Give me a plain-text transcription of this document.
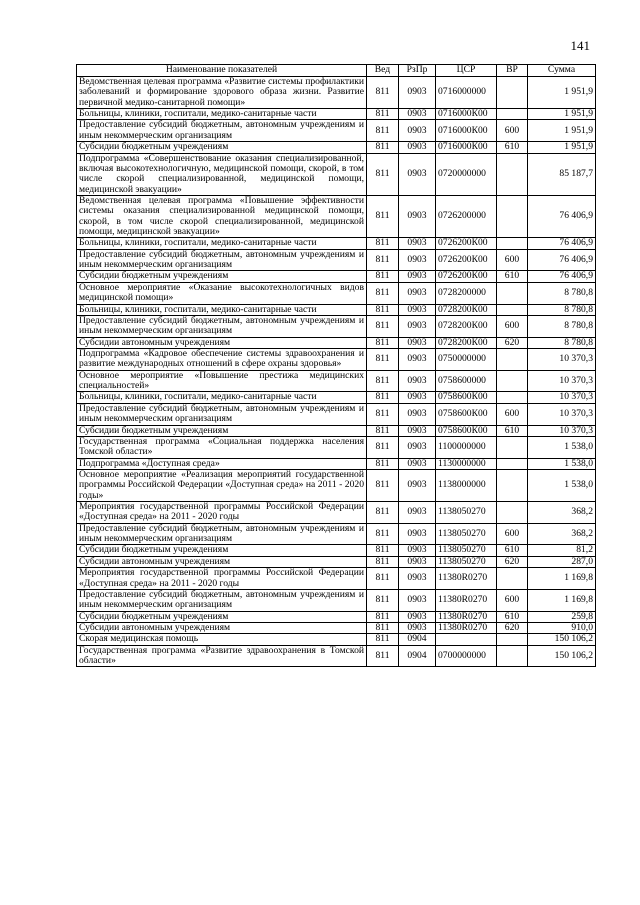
141
Наименование показателей	Вед	РзПр	ЦСР	ВР	Сумма
Ведомственная целевая программа «Развитие системы профилактики заболеваний и формирование здорового образа жизни. Развитие первичной медико-санитарной помощи»	811	0903	0716000000		1 951,9
Больницы, клиники, госпитали, медико-санитарные части	811	0903	0716000К00		1 951,9
Предоставление субсидий бюджетным, автономным учреждениям и иным некоммерческим организациям	811	0903	0716000К00	600	1 951,9
Субсидии бюджетным учреждениям	811	0903	0716000К00	610	1 951,9
Подпрограмма «Совершенствование оказания специализированной, включая высокотехнологичную, медицинской помощи, скорой, в том числе скорой специализированной, медицинской помощи, медицинской эвакуации»	811	0903	0720000000		85 187,7
Ведомственная целевая программа «Повышение эффективности системы оказания специализированной медицинской помощи, скорой, в том числе скорой специализированной, медицинской помощи, медицинской эвакуации»	811	0903	0726200000		76 406,9
Больницы, клиники, госпитали, медико-санитарные части	811	0903	0726200К00		76 406,9
Предоставление субсидий бюджетным, автономным учреждениям и иным некоммерческим организациям	811	0903	0726200К00	600	76 406,9
Субсидии бюджетным учреждениям	811	0903	0726200К00	610	76 406,9
Основное мероприятие «Оказание высокотехнологичных видов медицинской помощи»	811	0903	0728200000		8 780,8
Больницы, клиники, госпитали, медико-санитарные части	811	0903	0728200К00		8 780,8
Предоставление субсидий бюджетным, автономным учреждениям и иным некоммерческим организациям	811	0903	0728200К00	600	8 780,8
Субсидии автономным учреждениям	811	0903	0728200К00	620	8 780,8
Подпрограмма «Кадровое обеспечение системы здравоохранения и развитие международных отношений в сфере охраны здоровья»	811	0903	0750000000		10 370,3
Основное мероприятие «Повышение престижа медицинских специальностей»	811	0903	0758600000		10 370,3
Больницы, клиники, госпитали, медико-санитарные части	811	0903	0758600К00		10 370,3
Предоставление субсидий бюджетным, автономным учреждениям и иным некоммерческим организациям	811	0903	0758600К00	600	10 370,3
Субсидии бюджетным учреждениям	811	0903	0758600К00	610	10 370,3
Государственная программа «Социальная поддержка населения Томской области»	811	0903	1100000000		1 538,0
Подпрограмма «Доступная среда»	811	0903	1130000000		1 538,0
Основное мероприятие «Реализация мероприятий государственной программы Российской Федерации «Доступная среда» на 2011 - 2020 годы»	811	0903	1138000000		1 538,0
Мероприятия государственной программы Российской Федерации «Доступная среда» на 2011 - 2020 годы	811	0903	1138050270		368,2
Предоставление субсидий бюджетным, автономным учреждениям и иным некоммерческим организациям	811	0903	1138050270	600	368,2
Субсидии бюджетным учреждениям	811	0903	1138050270	610	81,2
Субсидии автономным учреждениям	811	0903	1138050270	620	287,0
Мероприятия государственной программы Российской Федерации «Доступная среда» на 2011 - 2020 годы	811	0903	11380R0270		1 169,8
Предоставление субсидий бюджетным, автономным учреждениям и иным некоммерческим организациям	811	0903	11380R0270	600	1 169,8
Субсидии бюджетным учреждениям	811	0903	11380R0270	610	259,8
Субсидии автономным учреждениям	811	0903	11380R0270	620	910,0
Скорая медицинская помощь	811	0904			150 106,2
Государственная программа «Развитие здравоохранения в Томской области»	811	0904	0700000000		150 106,2
